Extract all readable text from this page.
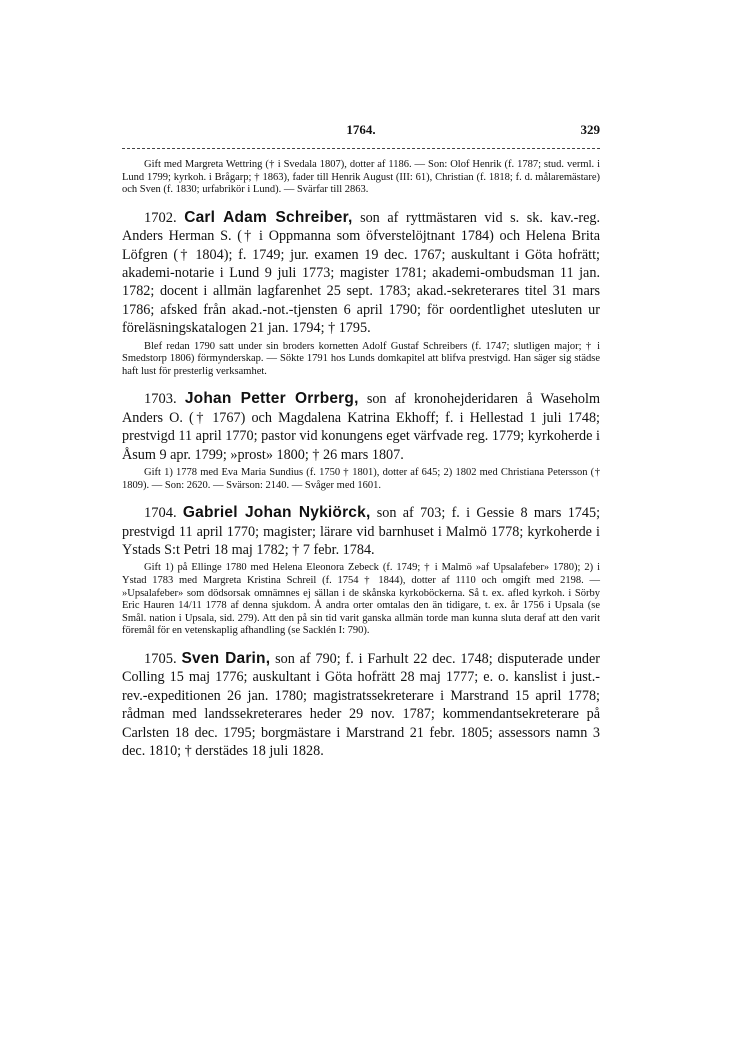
1764.	329

Gift med Margreta Wettring († i Svedala 1807), dotter af 1186. — Son: Olof Henrik (f. 1787; stud. verml. i Lund 1799; kyrkoh. i Brågarp; † 1863), fader till Henrik August (III: 61), Christian (f. 1818; f. d. målaremästare) och Sven (f. 1830; urfabrikör i Lund). — Svärfar till 2863.

1702. Carl Adam Schreiber, son af ryttmästaren vid s. sk. kav.-reg. Anders Herman S. († i Oppmanna som öfverstelöjtnant 1784) och Helena Brita Löfgren († 1804); f. 1749; jur. examen 19 dec. 1767; auskultant i Göta hofrätt; akademi-notarie i Lund 9 juli 1773; magister 1781; akademi-ombudsman 11 jan. 1782; docent i allmän lagfarenhet 25 sept. 1783; akad.-sekreterares titel 31 mars 1786; afsked från akad.-not.-tjensten 6 april 1790; för oordentlighet utesluten ur föreläsningskatalogen 21 jan. 1794; † 1795.

Blef redan 1790 satt under sin broders kornetten Adolf Gustaf Schreibers (f. 1747; slutligen major; † i Smedstorp 1806) förmynderskap. — Sökte 1791 hos Lunds domkapitel att blifva prestvigd. Han säger sig städse haft lust för presterlig verksamhet.

1703. Johan Petter Orrberg, son af kronohejderidaren å Waseholm Anders O. († 1767) och Magdalena Katrina Ekhoff; f. i Hellestad 1 juli 1748; prestvigd 11 april 1770; pastor vid konungens eget värfvade reg. 1779; kyrkoherde i Åsum 9 apr. 1799; »prost» 1800; † 26 mars 1807.

Gift 1) 1778 med Eva Maria Sundius (f. 1750 † 1801), dotter af 645; 2) 1802 med Christiana Petersson († 1809). — Son: 2620. — Svärson: 2140. — Svåger med 1601.

1704. Gabriel Johan Nykiörck, son af 703; f. i Gessie 8 mars 1745; prestvigd 11 april 1770; magister; lärare vid barnhuset i Malmö 1778; kyrkoherde i Ystads S:t Petri 18 maj 1782; † 7 febr. 1784.

Gift 1) på Ellinge 1780 med Helena Eleonora Zebeck (f. 1749; † i Malmö »af Upsalafeber» 1780); 2) i Ystad 1783 med Margreta Kristina Schreil (f. 1754 † 1844), dotter af 1110 och omgift med 2198. — »Upsalafeber» som dödsorsak omnämnes ej sällan i de skånska kyrkoböckerna. Så t. ex. afled kyrkoh. i Sörby Eric Hauren 14/11 1778 af denna sjukdom. Å andra orter omtalas den än tidigare, t. ex. år 1756 i Upsala (se Smål. nation i Upsala, sid. 279). Att den på sin tid varit ganska allmän torde man kunna sluta deraf att den varit föremål för en vetenskaplig afhandling (se Sacklén I: 790).

1705. Sven Darin, son af 790; f. i Farhult 22 dec. 1748; disputerade under Colling 15 maj 1776; auskultant i Göta hofrätt 28 maj 1777; e. o. kanslist i just.-rev.-expeditionen 26 jan. 1780; magistratssekreterare i Marstrand 15 april 1778; rådman med landssekreterares heder 29 nov. 1787; kommendantsekreterare på Carlsten 18 dec. 1795; borgmästare i Marstrand 21 febr. 1805; assessors namn 3 dec. 1810; † derstädes 18 juli 1828.
